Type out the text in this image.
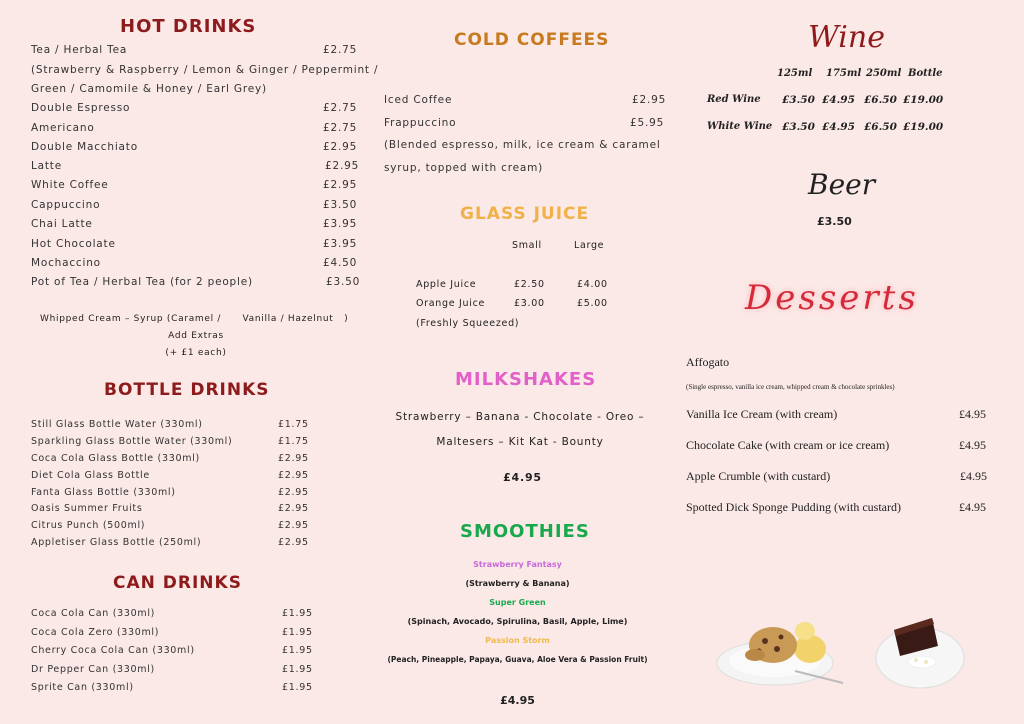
HOT DRINKS
Tea / Herbal Tea	£2.75
(Strawberry & Raspberry / Lemon & Ginger / Peppermint /
Green / Camomile & Honey / Earl Grey)
Double Espresso	£2.75
Americano	£2.75
Double Macchiato	£2.95
Latte	£2.95
White Coffee	£2.95
Cappuccino	£3.50
Chai Latte	£3.95
Hot Chocolate	£3.95
Mochaccino	£4.50
Pot of Tea / Herbal Tea (for 2 people)	£3.50
Whipped Cream – Syrup (Caramel /      Vanilla / Hazelnut   )
Add Extras
(+ £1 each)
BOTTLE DRINKS
Still Glass Bottle Water (330ml)	£1.75
Sparkling Glass Bottle Water (330ml)	£1.75
Coca Cola Glass Bottle (330ml)	£2.95
Diet Cola Glass Bottle	£2.95
Fanta Glass Bottle (330ml)	£2.95
Oasis Summer Fruits	£2.95
Citrus Punch (500ml)	£2.95
Appletiser Glass Bottle (250ml)	£2.95
CAN DRINKS
Coca Cola Can (330ml)	£1.95
Coca Cola Zero (330ml)	£1.95
Cherry Coca Cola Can (330ml)	£1.95
Dr Pepper Can (330ml)	£1.95
Sprite Can (330ml)	£1.95
COLD COFFEES
Iced Coffee	£2.95
Frappuccino	£5.95
(Blended espresso, milk, ice cream & caramel
syrup, topped with cream)
GLASS JUICE
Small	Large
Apple Juice	£2.50	£4.00
Orange Juice	£3.00	£5.00
(Freshly Squeezed)
MILKSHAKES
Strawberry – Banana - Chocolate - Oreo –
Maltesers – Kit Kat - Bounty
£4.95
SMOOTHIES
Strawberry Fantasy
(Strawberry & Banana)
Super Green
(Spinach, Avocado, Spirulina, Basil, Apple, Lime)
Passion Storm
(Peach, Pineapple, Papaya, Guava, Aloe Vera & Passion Fruit)
£4.95
Wine
125ml 175ml 250ml Bottle
Red Wine £3.50 £4.95 £6.50 £19.00
White Wine £3.50 £4.95 £6.50 £19.00
Beer
£3.50
Desserts
Affogato
(Single espresso, vanilla ice cream, whipped cream & chocolate sprinkles)
Vanilla Ice Cream (with cream)	£4.95
Chocolate Cake (with cream or ice cream)	£4.95
Apple Crumble (with custard)	£4.95
Spotted Dick Sponge Pudding (with custard)	£4.95
